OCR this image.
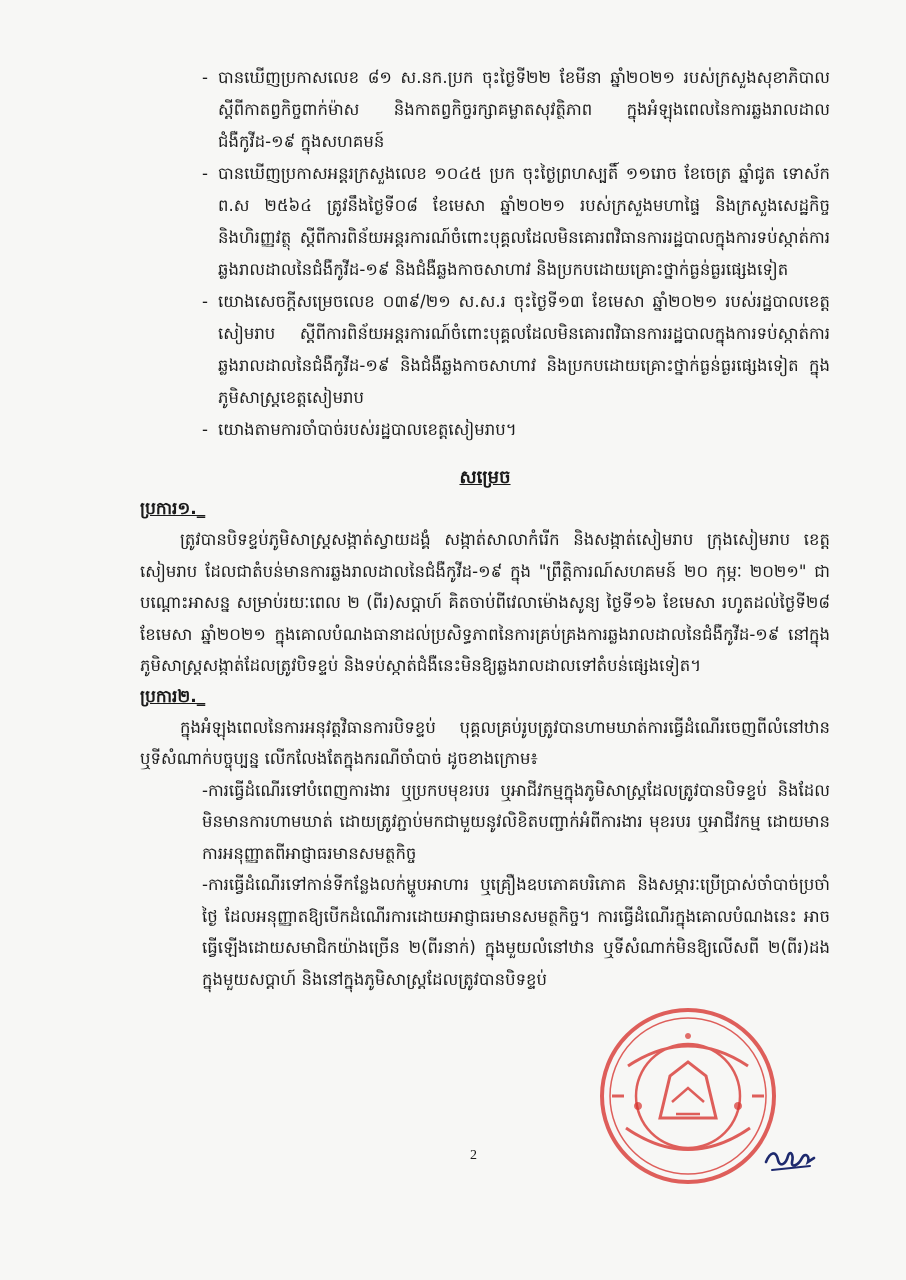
- បានឃើញប្រកាសលេខ ៨១ ស.នក.ប្រក ចុះថ្ងៃទី២២ ខែមីនា ឆ្នាំ២០២១ របស់ក្រសួងសុខាភិបាល ស្តីពីកាតព្វកិច្ចពាក់ម៉ាស និងកាតព្វកិច្ចរក្សាគម្លាតសុវត្ថិភាព ក្នុងអំឡុងពេលនៃការឆ្លងរាលដាលជំងឺកូវីដ-១៩ ក្នុងសហគមន៍

- បានឃើញប្រកាសអន្តរក្រសួងលេខ ១០៤៥ ប្រក ចុះថ្ងៃព្រហស្បតិ៍ ១១រោច ខែចេត្រ ឆ្នាំជូត ទោស័ក ព.ស ២៥៦៤ ត្រូវនឹងថ្ងៃទី០៨ ខែមេសា ឆ្នាំ២០២១ របស់ក្រសួងមហាផ្ទៃ និងក្រសួងសេដ្ឋកិច្ច និងហិរញ្ញវត្ថុ ស្តីពីការពិន័យអន្តរការណ៍ចំពោះបុគ្គលដែលមិនគោរពវិធានការរដ្ឋបាលក្នុងការទប់ស្កាត់ការឆ្លងរាលដាលនៃជំងឺកូវីដ-១៩ និងជំងឺឆ្លងកាចសាហាវ និងប្រកបដោយគ្រោះថ្នាក់ធ្ងន់ធ្ងរផ្សេងទៀត

- យោងសេចក្តីសម្រេចលេខ ០៣៩/២១ ស.ស.រ ចុះថ្ងៃទី១៣ ខែមេសា ឆ្នាំ២០២១ របស់រដ្ឋបាលខេត្តសៀមរាប ស្តីពីការពិន័យអន្តរការណ៍ចំពោះបុគ្គលដែលមិនគោរពវិធានការរដ្ឋបាលក្នុងការទប់ស្កាត់ការឆ្លងរាលដាលនៃជំងឺកូវីដ-១៩ និងជំងឺឆ្លងកាចសាហាវ និងប្រកបដោយគ្រោះថ្នាក់ធ្ងន់ធ្ងរផ្សេងទៀត ក្នុងភូមិសាស្ត្រខេត្តសៀមរាប

- យោងតាមការចាំបាច់របស់រដ្ឋបាលខេត្តសៀមរាប។

សម្រេច

ប្រការ១._

ត្រូវបានបិទខ្ទប់ភូមិសាស្ត្រសង្កាត់ស្វាយដង្គំ សង្កាត់សាលាកំរើក និងសង្កាត់សៀមរាប ក្រុងសៀមរាប ខេត្តសៀមរាប ដែលជាតំបន់មានការឆ្លងរាលដាលនៃជំងឺកូវីដ-១៩ ក្នុង "ព្រឹត្តិការណ៍សហគមន៍ ២០ កុម្ភៈ ២០២១" ជាបណ្តោះអាសន្ន សម្រាប់រយៈពេល ២ (ពីរ)សប្តាហ៍ គិតចាប់ពីវេលាម៉ោងសូន្យ ថ្ងៃទី១៦ ខែមេសា រហូតដល់ថ្ងៃទី២៨ ខែមេសា ឆ្នាំ២០២១ ក្នុងគោលបំណងធានាដល់ប្រសិទ្ធភាពនៃការគ្រប់គ្រងការឆ្លងរាលដាលនៃជំងឺកូវីដ-១៩ នៅក្នុងភូមិសាស្ត្រសង្កាត់ដែលត្រូវបិទខ្ទប់ និងទប់ស្កាត់ជំងឺនេះមិនឱ្យឆ្លងរាលដាលទៅតំបន់ផ្សេងទៀត។

ប្រការ២._

ក្នុងអំឡុងពេលនៃការអនុវត្តវិធានការបិទខ្ទប់ បុគ្គលគ្រប់រូបត្រូវបានហាមឃាត់ការធ្វើដំណើរចេញពីលំនៅឋាន ឬទីសំណាក់បច្ចុប្បន្ន លើកលែងតែក្នុងករណីចាំបាច់ ដូចខាងក្រោម៖

-ការធ្វើដំណើរទៅបំពេញការងារ ឬប្រកបមុខរបរ ឬអាជីវកម្មក្នុងភូមិសាស្ត្រដែលត្រូវបានបិទខ្ទប់ និងដែលមិនមានការហាមឃាត់ ដោយត្រូវភ្ជាប់មកជាមួយនូវលិខិតបញ្ជាក់អំពីការងារ មុខរបរ ឬអាជីវកម្ម ដោយមានការអនុញ្ញាតពីអាជ្ញាធរមានសមត្ថកិច្ច

-ការធ្វើដំណើរទៅកាន់ទីកន្លែងលក់ម្ហូបអាហារ ឬគ្រឿងឧបភោគបរិភោគ និងសម្ភារៈប្រើប្រាស់ចាំបាច់ប្រចាំថ្ងៃ ដែលអនុញ្ញាតឱ្យបើកដំណើរការដោយអាជ្ញាធរមានសមត្ថកិច្ច។ ការធ្វើដំណើរក្នុងគោលបំណងនេះ អាចធ្វើឡើងដោយសមាជិកយ៉ាងច្រើន ២(ពីរនាក់) ក្នុងមួយលំនៅឋាន ឬទីសំណាក់មិនឱ្យលើសពី ២(ពីរ)ដង ក្នុងមួយសប្តាហ៍ និងនៅក្នុងភូមិសាស្ត្រដែលត្រូវបានបិទខ្ទប់

2
